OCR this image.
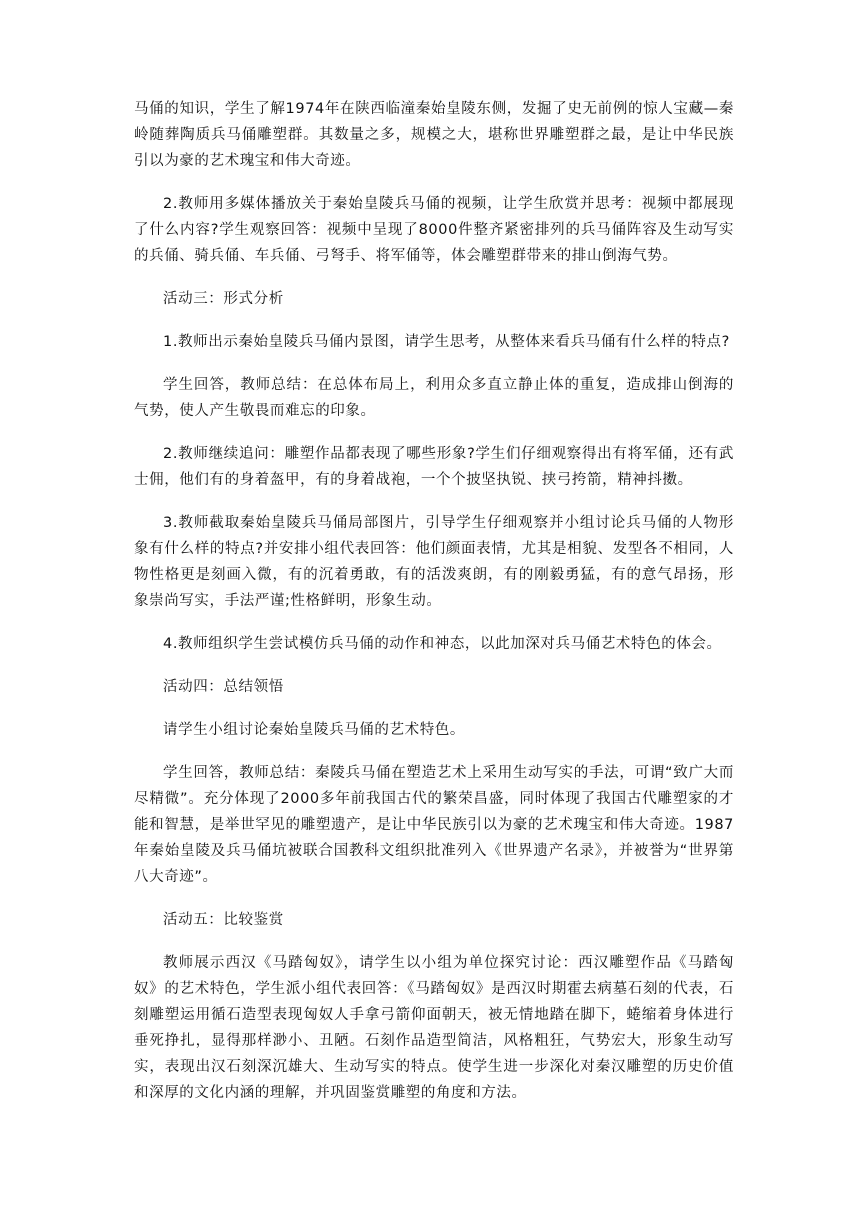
马俑的知识，学生了解1974年在陕西临潼秦始皇陵东侧，发掘了史无前例的惊人宝藏—秦岭随葬陶质兵马俑雕塑群。其数量之多，规模之大，堪称世界雕塑群之最，是让中华民族引以为豪的艺术瑰宝和伟大奇迹。

2.教师用多媒体播放关于秦始皇陵兵马俑的视频，让学生欣赏并思考：视频中都展现了什么内容?学生观察回答：视频中呈现了8000件整齐紧密排列的兵马俑阵容及生动写实的兵俑、骑兵俑、车兵俑、弓弩手、将军俑等，体会雕塑群带来的排山倒海气势。

活动三：形式分析

1.教师出示秦始皇陵兵马俑内景图，请学生思考，从整体来看兵马俑有什么样的特点?

学生回答，教师总结：在总体布局上，利用众多直立静止体的重复，造成排山倒海的气势，使人产生敬畏而难忘的印象。

2.教师继续追问：雕塑作品都表现了哪些形象?学生们仔细观察得出有将军俑，还有武士佣，他们有的身着盔甲，有的身着战袍，一个个披坚执锐、挟弓挎箭，精神抖擞。

3.教师截取秦始皇陵兵马俑局部图片，引导学生仔细观察并小组讨论兵马俑的人物形象有什么样的特点?并安排小组代表回答：他们颜面表情，尤其是相貌、发型各不相同，人物性格更是刻画入微，有的沉着勇敢，有的活泼爽朗，有的刚毅勇猛，有的意气昂扬，形象崇尚写实，手法严谨;性格鲜明，形象生动。

4.教师组织学生尝试模仿兵马俑的动作和神态，以此加深对兵马俑艺术特色的体会。

活动四：总结领悟

请学生小组讨论秦始皇陵兵马俑的艺术特色。

学生回答，教师总结：秦陵兵马俑在塑造艺术上采用生动写实的手法，可谓“致广大而尽精微”。充分体现了2000多年前我国古代的繁荣昌盛，同时体现了我国古代雕塑家的才能和智慧，是举世罕见的雕塑遗产，是让中华民族引以为豪的艺术瑰宝和伟大奇迹。1987年秦始皇陵及兵马俑坑被联合国教科文组织批准列入《世界遗产名录》，并被誉为“世界第八大奇迹”。

活动五：比较鉴赏

教师展示西汉《马踏匈奴》，请学生以小组为单位探究讨论：西汉雕塑作品《马踏匈奴》的艺术特色，学生派小组代表回答：《马踏匈奴》是西汉时期霍去病墓石刻的代表，石刻雕塑运用循石造型表现匈奴人手拿弓箭仰面朝天，被无情地踏在脚下，蜷缩着身体进行垂死挣扎，显得那样渺小、丑陋。石刻作品造型简洁，风格粗狂，气势宏大，形象生动写实，表现出汉石刻深沉雄大、生动写实的特点。使学生进一步深化对秦汉雕塑的历史价值和深厚的文化内涵的理解，并巩固鉴赏雕塑的角度和方法。
